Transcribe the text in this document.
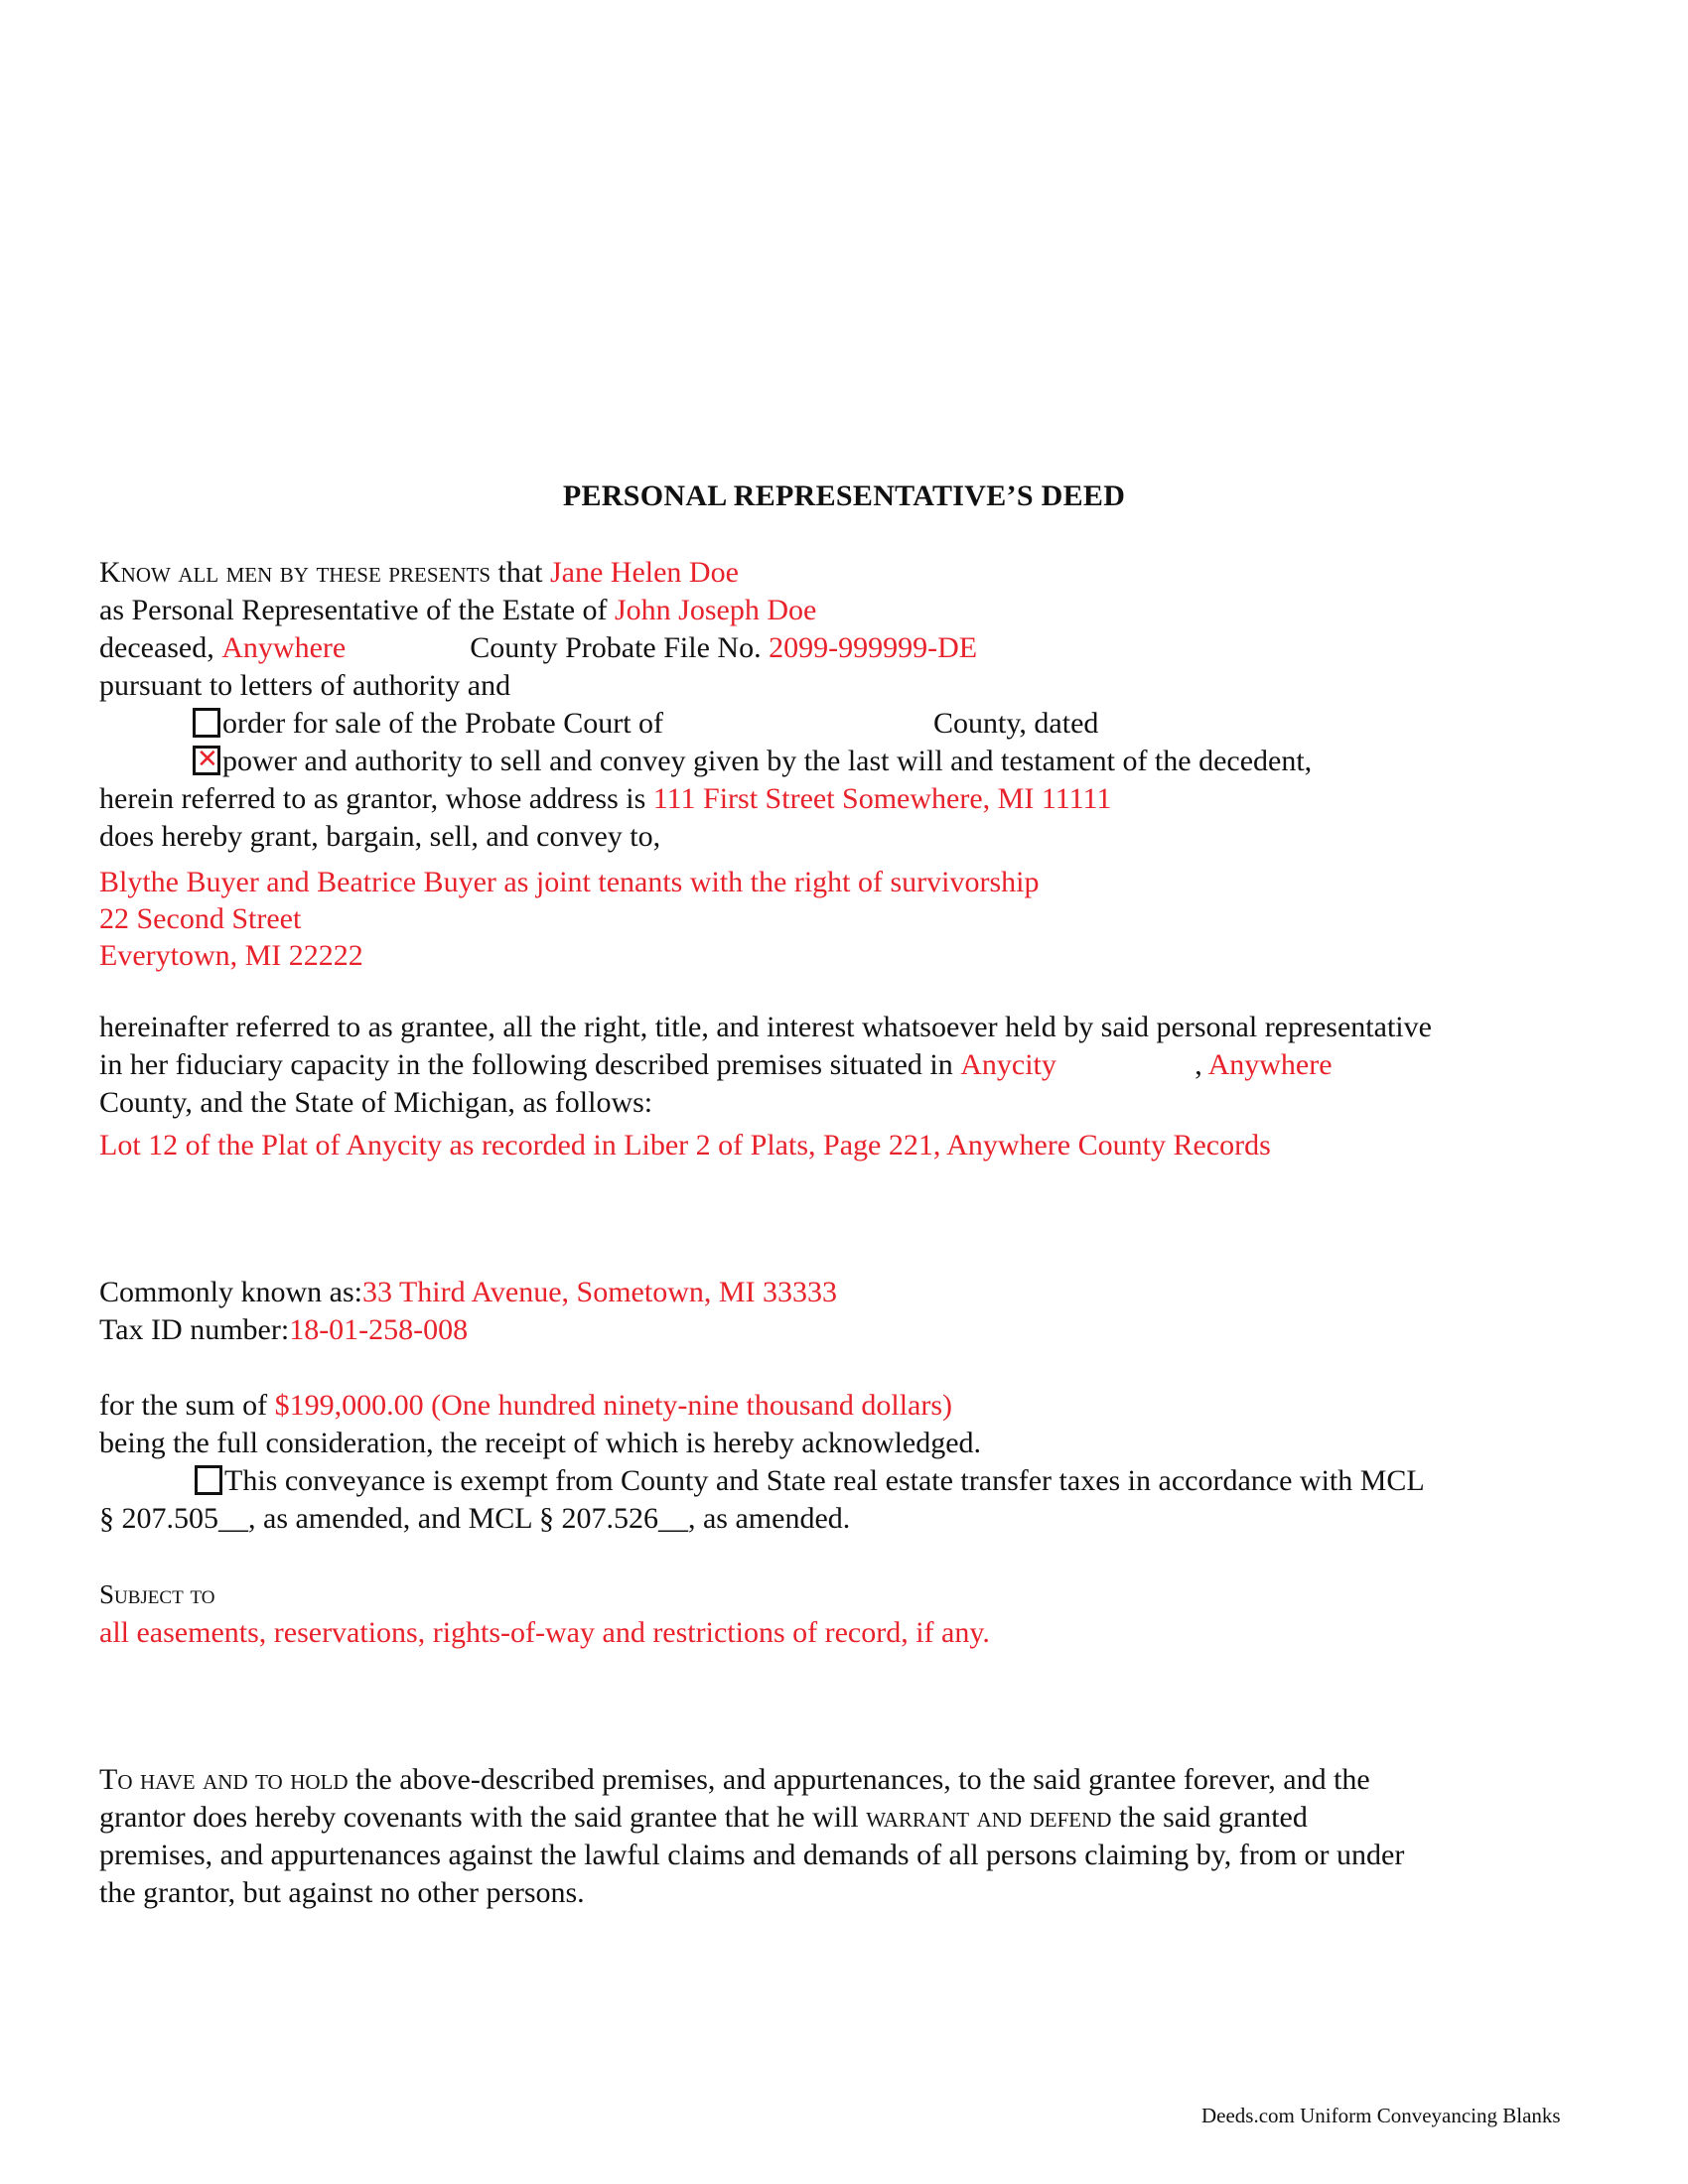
PERSONAL REPRESENTATIVE’S DEED
Know all men by these presents that Jane Helen Doe
as Personal Representative of the Estate of John Joseph Doe
deceased, Anywhere	County Probate File No. 2099-999999-DE
pursuant to letters of authority and
order for sale of the Probate Court of	County, dated
✕ power and authority to sell and convey given by the last will and testament of the decedent,
herein referred to as grantor, whose address is 111 First Street Somewhere, MI 11111
does hereby grant, bargain, sell, and convey to,
Blythe Buyer and Beatrice Buyer as joint tenants with the right of survivorship
22 Second Street
Everytown, MI 22222
hereinafter referred to as grantee, all the right, title, and interest whatsoever held by said personal representative
in her fiduciary capacity in the following described premises situated in Anycity	, Anywhere
County, and the State of Michigan, as follows:
Lot 12 of the Plat of Anycity as recorded in Liber 2 of Plats, Page 221, Anywhere County Records
Commonly known as:33 Third Avenue, Sometown, MI 33333
Tax ID number:18-01-258-008
for the sum of $199,000.00 (One hundred ninety-nine thousand dollars)
being the full consideration, the receipt of which is hereby acknowledged.
This conveyance is exempt from County and State real estate transfer taxes in accordance with MCL
§ 207.505__, as amended, and MCL § 207.526__, as amended.
Subject to
all easements, reservations, rights-of-way and restrictions of record, if any.
To have and to hold the above-described premises, and appurtenances, to the said grantee forever, and the
grantor does hereby covenants with the said grantee that he will warrant and defend the said granted
premises, and appurtenances against the lawful claims and demands of all persons claiming by, from or under
the grantor, but against no other persons.
Deeds.com Uniform Conveyancing Blanks
